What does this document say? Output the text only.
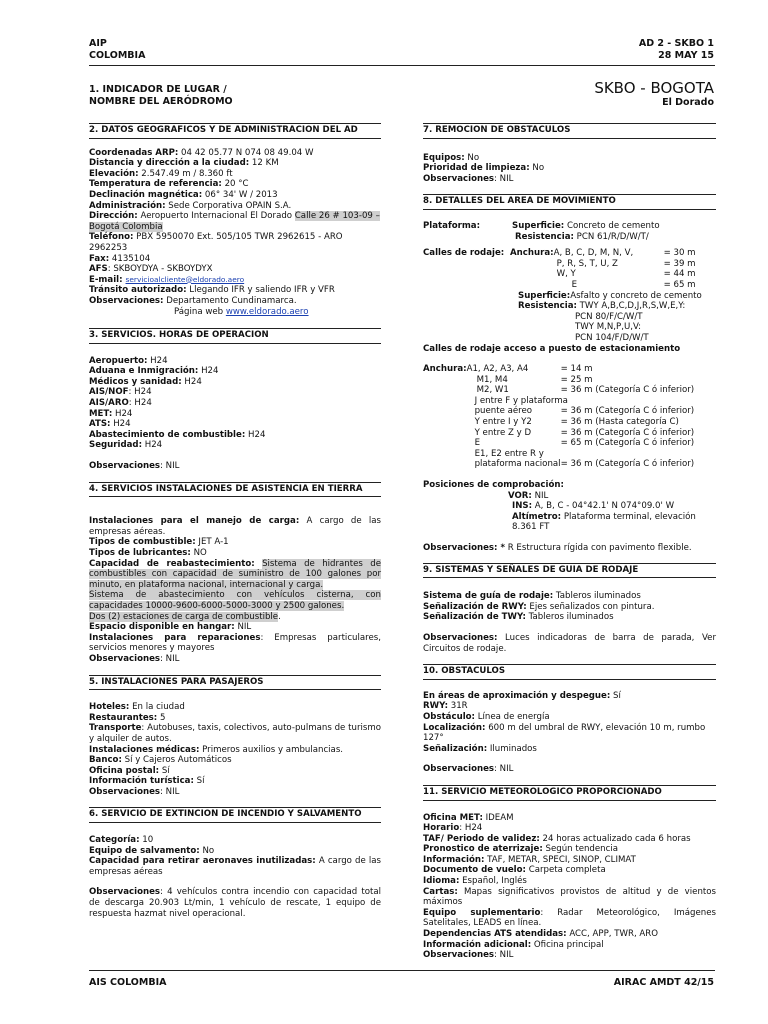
AIP
COLOMBIA
AD 2 - SKBO 1
28 MAY 15
1. INDICADOR DE LUGAR /
NOMBRE DEL AERÓDROMO
SKBO - BOGOTA
El Dorado
2. DATOS GEOGRAFICOS Y DE ADMINISTRACION DEL AD

Coordenadas ARP: 04 42 05.77 N 074 08 49.04 W

Distancia y dirección a la ciudad: 12 KM

Elevación: 2.547.49 m / 8.360 ft

Temperatura de referencia: 20 °C

Declinación magnética: 06° 34' W / 2013

Administración: Sede Corporativa OPAIN S.A.

Dirección: Aeropuerto Internacional El Dorado Calle 26 # 103-09 – Bogotá Colombia

Teléfono: PBX 5950070 Ext. 505/105 TWR 2962615 - ARO 2962253

Fax: 4135104

AFS: SKBOYDYA - SKBOYDYX

E-mail: servicioalcliente@eldorado.aero

Tránsito autorizado: Llegando IFR y saliendo IFR y VFR

Observaciones: Departamento Cundinamarca.

Página web www.eldorado.aero

3. SERVICIOS. HORAS DE OPERACION

Aeropuerto: H24

Aduana e Inmigración: H24

Médicos y sanidad: H24

AIS/NOF: H24

AIS/ARO: H24

MET: H24

ATS: H24

Abastecimiento de combustible: H24

Seguridad: H24

Observaciones: NIL

4. SERVICIOS INSTALACIONES DE ASISTENCIA EN TIERRA

Instalaciones para el manejo de carga: A cargo de las empresas aéreas.

Tipos de combustible: JET A-1

Tipos de lubricantes: NO

Capacidad de reabastecimiento: Sistema de hidrantes de combustibles con capacidad de suministro de 100 galones por minuto, en plataforma nacional, internacional y carga.

Sistema de abastecimiento con vehículos cisterna, con capacidades 10000-9600-6000-5000-3000 y 2500 galones.

Dos (2) estaciones de carga de combustible.

Espacio disponible en hangar: NIL

Instalaciones para reparaciones: Empresas particulares, servicios menores y mayores

Observaciones: NIL

5. INSTALACIONES PARA PASAJEROS

Hoteles: En la ciudad

Restaurantes: 5

Transporte: Autobuses, taxis, colectivos, auto-pulmans de turismo y alquiler de autos.

Instalaciones médicas: Primeros auxilios y ambulancias.

Banco: Sí y Cajeros Automáticos

Oficina postal: Sí

Información turística: Sí

Observaciones: NIL

6. SERVICIO DE EXTINCION DE INCENDIO Y SALVAMENTO

Categoría: 10

Equipo de salvamento: No

Capacidad para retirar aeronaves inutilizadas: A cargo de las empresas aéreas

Observaciones: 4 vehículos contra incendio con capacidad total de descarga 20.903 Lt/min, 1 vehículo de rescate, 1 equipo de respuesta hazmat nivel operacional.

7. REMOCION DE OBSTACULOS

Equipos: No

Prioridad de limpieza: No

Observaciones: NIL

8. DETALLES DEL AREA DE MOVIMIENTO

Plataforma:	Superficie: Concreto de cemento

Resistencia: PCN 61/R/D/W/T/

Calles de rodaje:	Anchura:	A, B, C, D, M, N, V,	= 30 m
		P, R, S, T, U, Z	= 39 m
		W, Y	= 44 m
		E	= 65 m

Superficie:Asfalto y concreto de cemento

Resistencia: TWY A,B,C,D,J,R,S,W,E,Y:

PCN 80/F/C/W/T

TWY M,N,P,U,V:

PCN 104/F/D/W/T

Calles de rodaje acceso a puesto de estacionamiento

Anchura:	A1, A2, A3, A4	= 14 m
	M1, M4	= 25 m
	M2, W1	= 36 m (Categoría C ó inferior)
	J entre F y plataforma	
	puente aéreo	= 36 m (Categoría C ó inferior)
	Y entre I y Y2	= 36 m (Hasta categoría C)
	Y entre Z y D	= 36 m (Categoría C ó inferior)
	E	= 65 m (Categoría C ó inferior)
	E1, E2 entre R y	
	plataforma nacional	= 36 m (Categoría C ó inferior)

Posiciones de comprobación:

VOR: NIL

INS: A, B, C - 04°42.1' N 074°09.0' W

Altímetro: Plataforma terminal, elevación 8.361 FT

Observaciones: * R Estructura rígida con pavimento flexible.

9. SISTEMAS Y SEÑALES DE GUIA DE RODAJE

Sistema de guía de rodaje: Tableros iluminados

Señalización de RWY: Ejes señalizados con pintura.

Señalización de TWY: Tableros iluminados

Observaciones: Luces indicadoras de barra de parada, Ver Circuitos de rodaje.

10. OBSTACULOS

En áreas de aproximación y despegue: Sí

RWY: 31R

Obstáculo: Línea de energía

Localización: 600 m del umbral de RWY, elevación 10 m, rumbo 127°

Señalización: Iluminados

Observaciones: NIL

11. SERVICIO METEOROLOGICO PROPORCIONADO

Oficina MET: IDEAM

Horario: H24

TAF/ Periodo de validez: 24 horas actualizado cada 6 horas

Pronostico de aterrizaje: Según tendencia

Información: TAF, METAR, SPECI, SINOP, CLIMAT

Documento de vuelo: Carpeta completa

Idioma: Español, Inglés

Cartas: Mapas significativos provistos de altitud y de vientos máximos

Equipo suplementario: Radar Meteorológico, Imágenes Satelitales, LEADS en línea.

Dependencias ATS atendidas: ACC, APP, TWR, ARO

Información adicional: Oficina principal

Observaciones: NIL

AIS COLOMBIA	AIRAC AMDT 42/15
